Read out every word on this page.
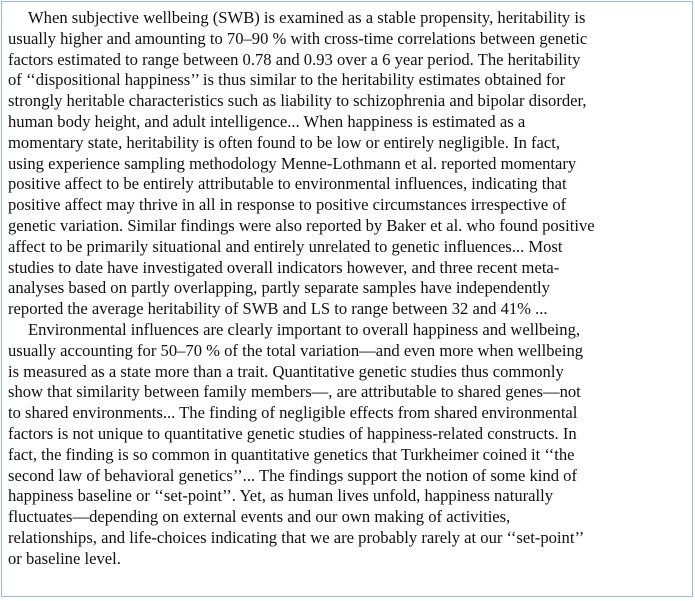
When subjective wellbeing (SWB) is examined as a stable propensity, heritability is
usually higher and amounting to 70–90 % with cross-time correlations between genetic
factors estimated to range between 0.78 and 0.93 over a 6 year period. The heritability
of ‘‘dispositional happiness’’ is thus similar to the heritability estimates obtained for
strongly heritable characteristics such as liability to schizophrenia and bipolar disorder,
human body height, and adult intelligence... When happiness is estimated as a
momentary state, heritability is often found to be low or entirely negligible. In fact,
using experience sampling methodology Menne-Lothmann et al. reported momentary
positive affect to be entirely attributable to environmental influences, indicating that
positive affect may thrive in all in response to positive circumstances irrespective of
genetic variation. Similar findings were also reported by Baker et al. who found positive
affect to be primarily situational and entirely unrelated to genetic influences... Most
studies to date have investigated overall indicators however, and three recent meta-
analyses based on partly overlapping, partly separate samples have independently
reported the average heritability of SWB and LS to range between 32 and 41% ...
Environmental influences are clearly important to overall happiness and wellbeing,
usually accounting for 50–70 % of the total variation—and even more when wellbeing
is measured as a state more than a trait. Quantitative genetic studies thus commonly
show that similarity between family members—, are attributable to shared genes—not
to shared environments... The finding of negligible effects from shared environmental
factors is not unique to quantitative genetic studies of happiness-related constructs. In
fact, the finding is so common in quantitative genetics that Turkheimer coined it ‘‘the
second law of behavioral genetics’’... The findings support the notion of some kind of
happiness baseline or ‘‘set-point’’. Yet, as human lives unfold, happiness naturally
fluctuates—depending on external events and our own making of activities,
relationships, and life-choices indicating that we are probably rarely at our ‘‘set-point’’
or baseline level.
